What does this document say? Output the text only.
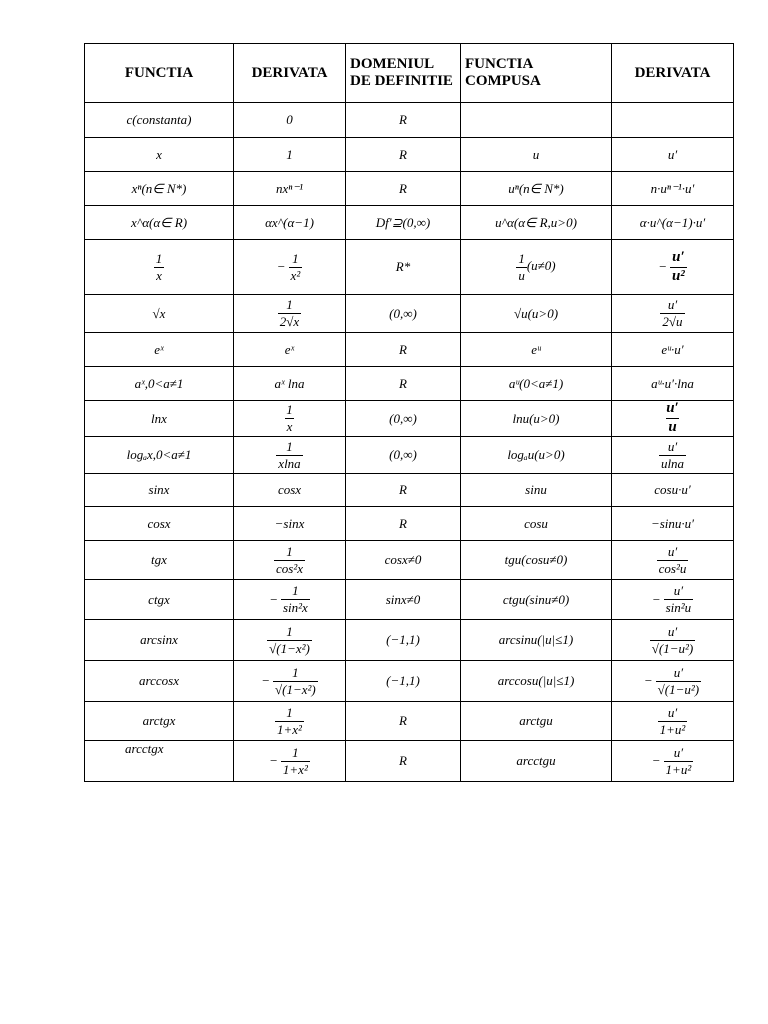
FUNCTIA	DERIVATA	DOMENIUL DE DEFINITIE	FUNCTIA COMPUSA	DERIVATA
c(constanta)	0	R		
x	1	R	u	u′
xⁿ(n∈ N*)	nxⁿ⁻¹	R	uⁿ(n∈ N*)	n·uⁿ⁻¹·u′
x^α(α∈ R)	αx^(α−1)	Df′⊇(0,∞)	u^α(α∈ R,u>0)	α·u^(α−1)·u′

$\frac{1}{x}$	− $\frac{1}{\text{x²}}$	R*	$\frac{1}{u} (u\ne 0)$	− $\frac{u'}{\text{u²}}$

√x	$\frac{1}{2√x}$	(0,∞)	√u(u>0)	$\frac{u'}{2√u}$

eˣ	eˣ	R	eᵘ	eᵘ·u′
aˣ,0<a≠1	aˣ lna	R	aᵘ(0<a≠1)	aᵘ·u′·lna
lnx	$\frac{1}{x}$	(0,∞)	lnu(u>0)	$\frac{u'}{u}$

logₐx,0<a≠1	$\frac{1}{xlna}$	(0,∞)	logₐu(u>0)	$\frac{u'}{ulna}$

sinx	cosx	R	sinu	cosu·u′
cosx	−sinx	R	cosu	−sinu·u′
tgx	$\frac{1}{\text{cos²x}}$	cosx≠0	tgu(cosu≠0)	$\frac{u'}{\text{cos²u}}$

ctgx	− $\frac{1}{\text{sin²x}}$	sinx≠0	ctgu(sinu≠0)	− $\frac{u'}{\text{sin²u}}$

arcsinx	$\frac{1}{\text{√(1−x²)}}$	(−1,1)	arcsinu(|u|≤1)	$\frac{u'}{\text{√(1−u²)}}$

arccosx	− $\frac{1}{\text{√(1−x²)}}$	(−1,1)	arccosu(|u|≤1)	− $\frac{u'}{\text{√(1−u²)}}$

arctgx	$\frac{1}{\text{1+x²}}$	R	arctgu	$\frac{u'}{\text{1+u²}}$

arcctgx	− $\frac{1}{\text{1+x²}}$	R	arcctgu	− $\frac{u'}{\text{1+u²}}$
